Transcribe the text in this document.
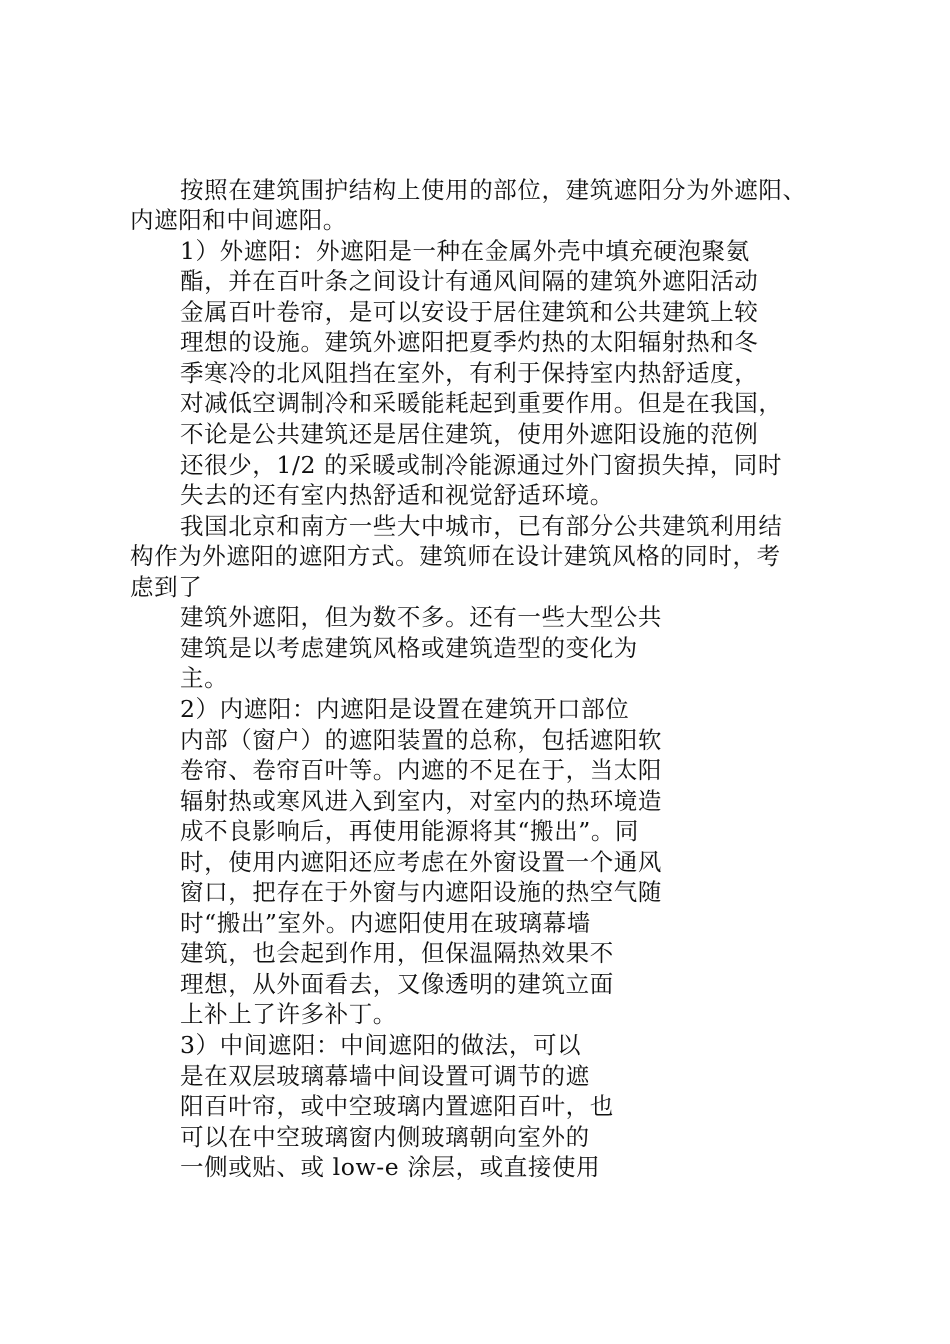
按照在建筑围护结构上使用的部位，建筑遮阳分为外遮阳、
内遮阳和中间遮阳。
1）外遮阳：外遮阳是一种在金属外壳中填充硬泡聚氨
酯，并在百叶条之间设计有通风间隔的建筑外遮阳活动
金属百叶卷帘，是可以安设于居住建筑和公共建筑上较
理想的设施。建筑外遮阳把夏季灼热的太阳辐射热和冬
季寒冷的北风阻挡在室外，有利于保持室内热舒适度，
对减低空调制冷和采暖能耗起到重要作用。但是在我国，
不论是公共建筑还是居住建筑，使用外遮阳设施的范例
还很少，1/2 的采暖或制冷能源通过外门窗损失掉，同时
失去的还有室内热舒适和视觉舒适环境。
我国北京和南方一些大中城市，已有部分公共建筑利用结
构作为外遮阳的遮阳方式。建筑师在设计建筑风格的同时，考
虑到了
建筑外遮阳，但为数不多。还有一些大型公共
建筑是以考虑建筑风格或建筑造型的变化为
主。
2）内遮阳：内遮阳是设置在建筑开口部位
内部（窗户）的遮阳装置的总称，包括遮阳软
卷帘、卷帘百叶等。内遮的不足在于，当太阳
辐射热或寒风进入到室内，对室内的热环境造
成不良影响后，再使用能源将其“搬出”。同
时，使用内遮阳还应考虑在外窗设置一个通风
窗口，把存在于外窗与内遮阳设施的热空气随
时“搬出”室外。内遮阳使用在玻璃幕墙
建筑，也会起到作用，但保温隔热效果不
理想，从外面看去，又像透明的建筑立面
上补上了许多补丁。
3）中间遮阳：中间遮阳的做法，可以
是在双层玻璃幕墙中间设置可调节的遮
阳百叶帘，或中空玻璃内置遮阳百叶，也
可以在中空玻璃窗内侧玻璃朝向室外的
一侧或贴、或 low-e 涂层，或直接使用
